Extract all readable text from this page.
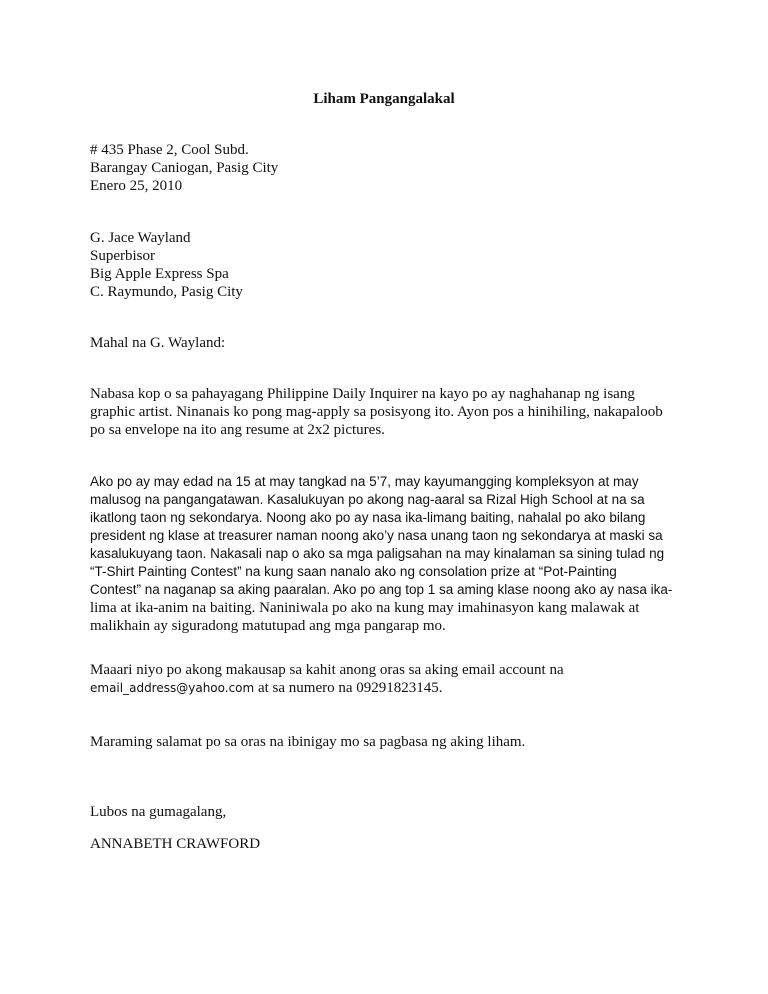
Liham Pangangalakal
# 435 Phase 2, Cool Subd.
Barangay Caniogan, Pasig City
Enero 25, 2010
G. Jace Wayland
Superbisor
Big Apple Express Spa
C. Raymundo, Pasig City
Mahal na G. Wayland:
Nabasa kop o sa pahayagang Philippine Daily Inquirer na kayo po ay naghahanap ng isang
graphic artist. Ninanais ko pong mag-apply sa posisyong ito. Ayon pos a hinihiling, nakapaloob
po sa envelope na ito ang resume at 2x2 pictures.
Ako po ay may edad na 15 at may tangkad na 5’7, may kayumangging kompleksyon at may
malusog na pangangatawan. Kasalukuyan po akong nag-aaral sa Rizal High School at na sa
ikatlong taon ng sekondarya. Noong ako po ay nasa ika-limang baiting, nahalal po ako bilang
president ng klase at treasurer naman noong ako’y nasa unang taon ng sekondarya at maski sa
kasalukuyang taon. Nakasali nap o ako sa mga paligsahan na may kinalaman sa sining tulad ng
“T-Shirt Painting Contest” na kung saan nanalo ako ng consolation prize at “Pot-Painting
Contest” na naganap sa aking paaralan. Ako po ang top 1 sa aming klase noong ako ay nasa ika-
lima at ika-anim na baiting. Naniniwala po ako na kung may imahinasyon kang malawak at
malikhain ay siguradong matutupad ang mga pangarap mo.
Maaari niyo po akong makausap sa kahit anong oras sa aking email account na
email_address@yahoo.com at sa numero na 09291823145.
Maraming salamat po sa oras na ibinigay mo sa pagbasa ng aking liham.
Lubos na gumagalang,
ANNABETH CRAWFORD
